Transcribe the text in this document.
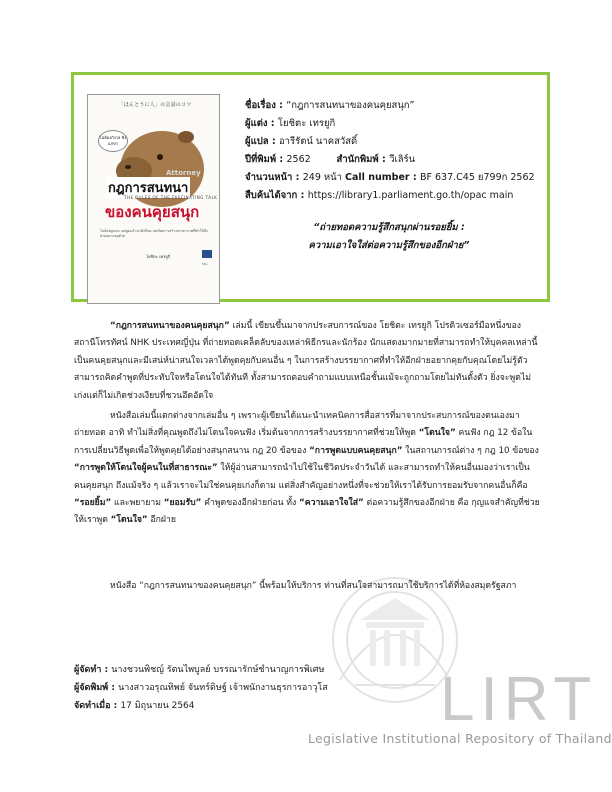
LIRT
「ほんとうに人」の会話のコツ
ไม่ต้องกังวล ขิงแก่ข่า
Attorney
กฎการสนทนา
THE RULES OF THE FASCINATING TALK
ของคนคุยสนุก
ไม่ต้องพูดเก่ง แค่พูดแล้วน่าฟังก็พอ เทคนิคการสร้างบรรยากาศที่ทำให้อีกฝ่ายอยากคุยด้วย
โยชิตะ เทรยูกิ
วีเลิร์น
ชื่อเรื่อง : “กฎการสนทนาของคนคุยสนุก”
ผู้แต่ง : โยชิตะ เทรยูกิ
ผู้แปล : อารีรัตน์ นาคสวัสดิ์
ปีที่พิมพ์ : 2562	สำนักพิมพ์ : วีเลิร์น
จำนวนหน้า : 249 หน้า Call number : BF 637.C45 ย799ก 2562
สืบค้นได้จาก : https://library1.parliament.go.th/opac main
“ถ่ายทอดความรู้สึกสนุกผ่านรอยยิ้ม :
ความเอาใจใส่ต่อความรู้สึกของอีกฝ่าย”
“กฎการสนทนาของคนคุยสนุก” เล่มนี้ เขียนขึ้นมาจากประสบการณ์ของ โยชิตะ เทรยูกิ โปรดิวเซอร์มือหนึ่งของสถานีโทรทัศน์ NHK ประเทศญี่ปุ่น ที่ถ่ายทอดเคล็ดลับของเหล่าพิธีกรและนักร้อง นักแสดงมากมายที่สามารถทำให้บุคคลเหล่านี้เป็นคนคุยสนุกและมีเสน่ห์น่าสนใจเวลาได้พูดคุยกับคนอื่น ๆ ในการสร้างบรรยากาศที่ทำให้อีกฝ่ายอยากคุยกับคุณโดยไม่รู้ตัว สามารถคิดคำพูดที่ประทับใจหรือโดนใจได้ทันที ทั้งสามารถตอบคำถามแบบเหนือชั้นแม้จะถูกถามโดยไม่ทันตั้งตัว ยิ่งจะพูดไม่เก่งแต่ก็ไม่เกิดช่วงเงียบที่ชวนอึดอัดใจ
หนังสือเล่มนี้แตกต่างจากเล่มอื่น ๆ เพราะผู้เขียนได้แนะนำเทคนิคการสื่อสารที่มาจากประสบการณ์ของตนเองมาถ่ายทอด อาทิ ทำไม่สิ่งที่คุณพูดถึงไม่โดนใจคนฟัง เริ่มต้นจากการสร้างบรรยากาศที่ช่วยให้พูด “โดนใจ” คนฟัง กฎ 12 ข้อในการเปลี่ยนวิธีพูดเพื่อให้พูดคุยได้อย่างสนุกสนาน กฎ 20 ข้อของ “การพูดแบบคนคุยสนุก” ในสถานการณ์ต่าง ๆ กฎ 10 ข้อของ “การพูดให้โดนใจผู้คนในที่สาธารณะ” ให้ผู้อ่านสามารถนำไปใช้ในชีวิตประจำวันได้ และสามารถทำให้คนอื่นมองว่าเราเป็นคนคุยสนุก ถึงแม้จริง ๆ แล้วเราจะไม่ใช่คนคุยเก่งก็ตาม แต่สิ่งสำคัญอย่างหนึ่งที่จะช่วยให้เราได้รับการยอมรับจากคนอื่นก็คือ “รอยยิ้ม” และพยายาม “ยอมรับ” คำพูดของอีกฝ่ายก่อน ทั้ง “ความเอาใจใส่” ต่อความรู้สึกของอีกฝ่าย คือ กุญแจสำคัญที่ช่วยให้เราพูด “โดนใจ” อีกฝ่าย
หนังสือ “กฎการสนทนาของคนคุยสนุก” นี้พร้อมให้บริการ ท่านที่สนใจสามารถมาใช้บริการได้ที่ห้องสมุดรัฐสภา
ผู้จัดทำ : นางชวนพิชญ์ รัตนไพบูลย์ บรรณารักษ์ชำนาญการพิเศษ
ผู้จัดพิมพ์ : นางสาวอรุณทิพย์ จันทร์ดิษฐ์ เจ้าพนักงานธุรการอาวุโส
จัดทำเมื่อ : 17 มิถุนายน 2564
Legislative Institutional Repository of Thailand
